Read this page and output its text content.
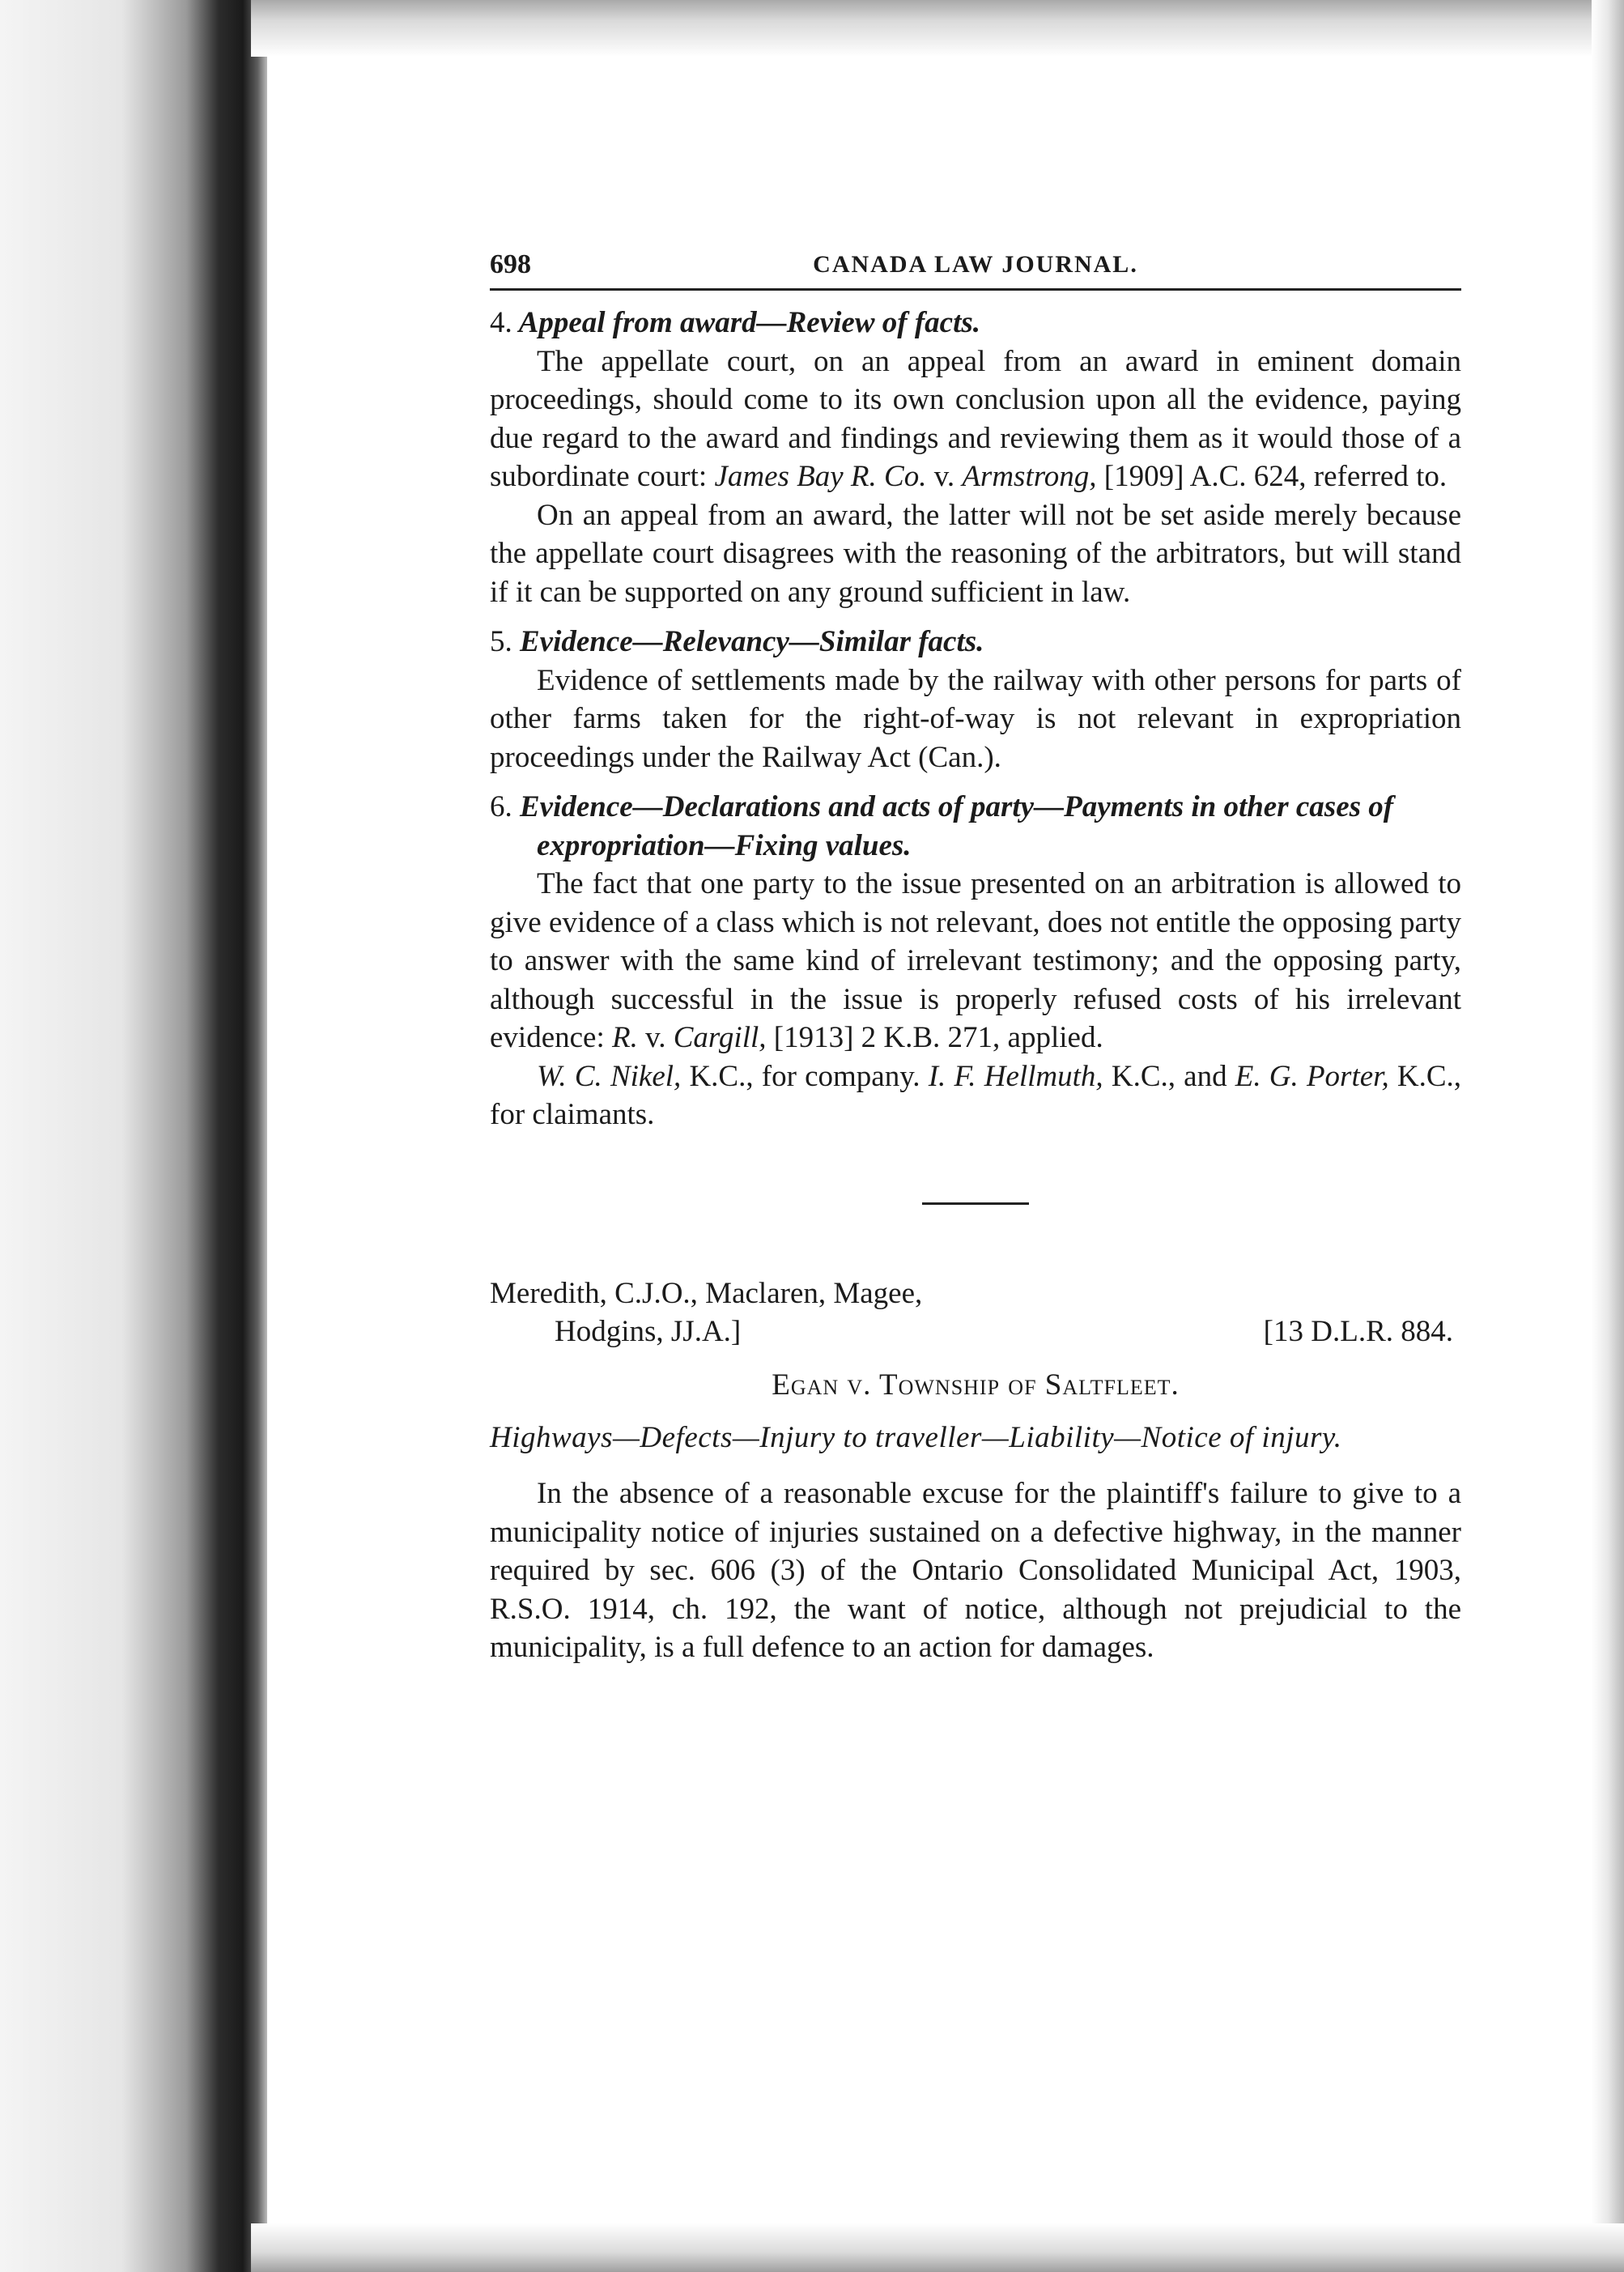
698	CANADA LAW JOURNAL.

4. Appeal from award—Review of facts.

The appellate court, on an appeal from an award in eminent domain proceedings, should come to its own conclusion upon all the evidence, paying due regard to the award and findings and reviewing them as it would those of a subordinate court: James Bay R. Co. v. Armstrong, [1909] A.C. 624, referred to.

On an appeal from an award, the latter will not be set aside merely because the appellate court disagrees with the reasoning of the arbitrators, but will stand if it can be supported on any ground sufficient in law.

5. Evidence—Relevancy—Similar facts.

Evidence of settlements made by the railway with other persons for parts of other farms taken for the right-of-way is not relevant in expropriation proceedings under the Railway Act (Can.).

6. Evidence—Declarations and acts of party—Payments in other cases of expropriation—Fixing values.

The fact that one party to the issue presented on an arbitration is allowed to give evidence of a class which is not relevant, does not entitle the opposing party to answer with the same kind of irrelevant testimony; and the opposing party, although successful in the issue is properly refused costs of his irrelevant evidence: R. v. Cargill, [1913] 2 K.B. 271, applied.

W. C. Nikel, K.C., for company. I. F. Hellmuth, K.C., and E. G. Porter, K.C., for claimants.

Meredith, C.J.O., Maclaren, Magee,

Hodgins, JJ.A.]	[13 D.L.R. 884.

Egan v. Township of Saltfleet.

Highways—Defects—Injury to traveller—Liability—Notice of injury.

In the absence of a reasonable excuse for the plaintiff's failure to give to a municipality notice of injuries sustained on a defective highway, in the manner required by sec. 606 (3) of the Ontario Consolidated Municipal Act, 1903, R.S.O. 1914, ch. 192, the want of notice, although not prejudicial to the municipality, is a full defence to an action for damages.
